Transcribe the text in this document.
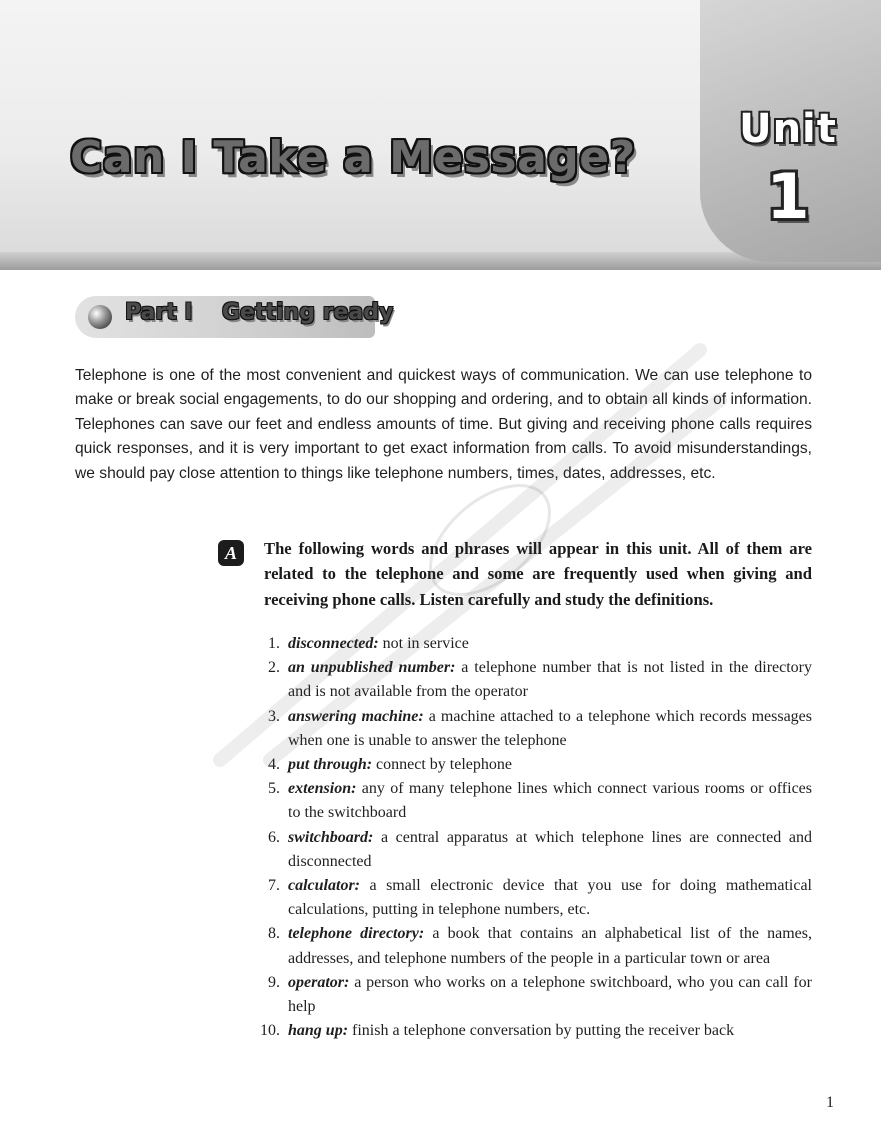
Unit
1
Can I Take a Message?
Part I Getting ready

Telephone is one of the most convenient and quickest ways of communication. We can use telephone to make or break social engagements, to do our shopping and ordering, and to obtain all kinds of information. Telephones can save our feet and endless amounts of time. But giving and receiving phone calls requires quick responses, and it is very important to get exact information from calls. To avoid misunderstandings, we should pay close attention to things like telephone numbers, times, dates, addresses, etc.

A	The following words and phrases will appear in this unit. All of them are related to the telephone and some are frequently used when giving and receiving phone calls. Listen carefully and study the definitions.

1. disconnected: not in service
2. an unpublished number: a telephone number that is not listed in the directory and is not available from the operator
3. answering machine: a machine attached to a telephone which records messages when one is unable to answer the telephone
4. put through: connect by telephone
5. extension: any of many telephone lines which connect various rooms or offices to the switchboard
6. switchboard: a central apparatus at which telephone lines are connected and disconnected
7. calculator: a small electronic device that you use for doing mathematical calculations, putting in telephone numbers, etc.
8. telephone directory: a book that contains an alphabetical list of the names, addresses, and telephone numbers of the people in a particular town or area
9. operator: a person who works on a telephone switchboard, who you can call for help
10. hang up: finish a telephone conversation by putting the receiver back
1
